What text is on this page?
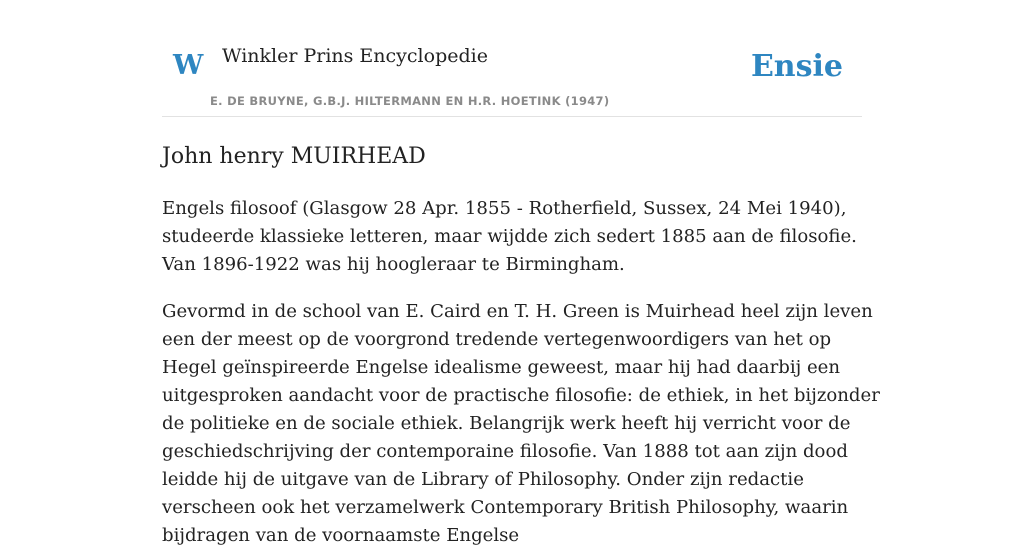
W Winkler Prins Encyclopedie
E. DE BRUYNE, G.B.J. HILTERMANN EN H.R. HOETINK (1947)
Ensie
John henry MUIRHEAD

Engels filosoof (Glasgow 28 Apr. 1855 - Rotherfield, Sussex, 24 Mei 1940), studeerde klassieke letteren, maar wijdde zich sedert 1885 aan de filosofie. Van 1896-1922 was hij hoogleraar te Birmingham.

Gevormd in de school van E. Caird en T. H. Green is Muirhead heel zijn leven een der meest op de voorgrond tredende vertegenwoordigers van het op Hegel geïnspireerde Engelse idealisme geweest, maar hij had daarbij een uitgesproken aandacht voor de practische filosofie: de ethiek, in het bijzonder de politieke en de sociale ethiek. Belangrijk werk heeft hij verricht voor de geschiedschrijving der contemporaine filosofie. Van 1888 tot aan zijn dood leidde hij de uitgave van de Library of Philosophy. Onder zijn redactie verscheen ook het verzamelwerk Contemporary British Philosophy, waarin bijdragen van de voornaamste Engelse
